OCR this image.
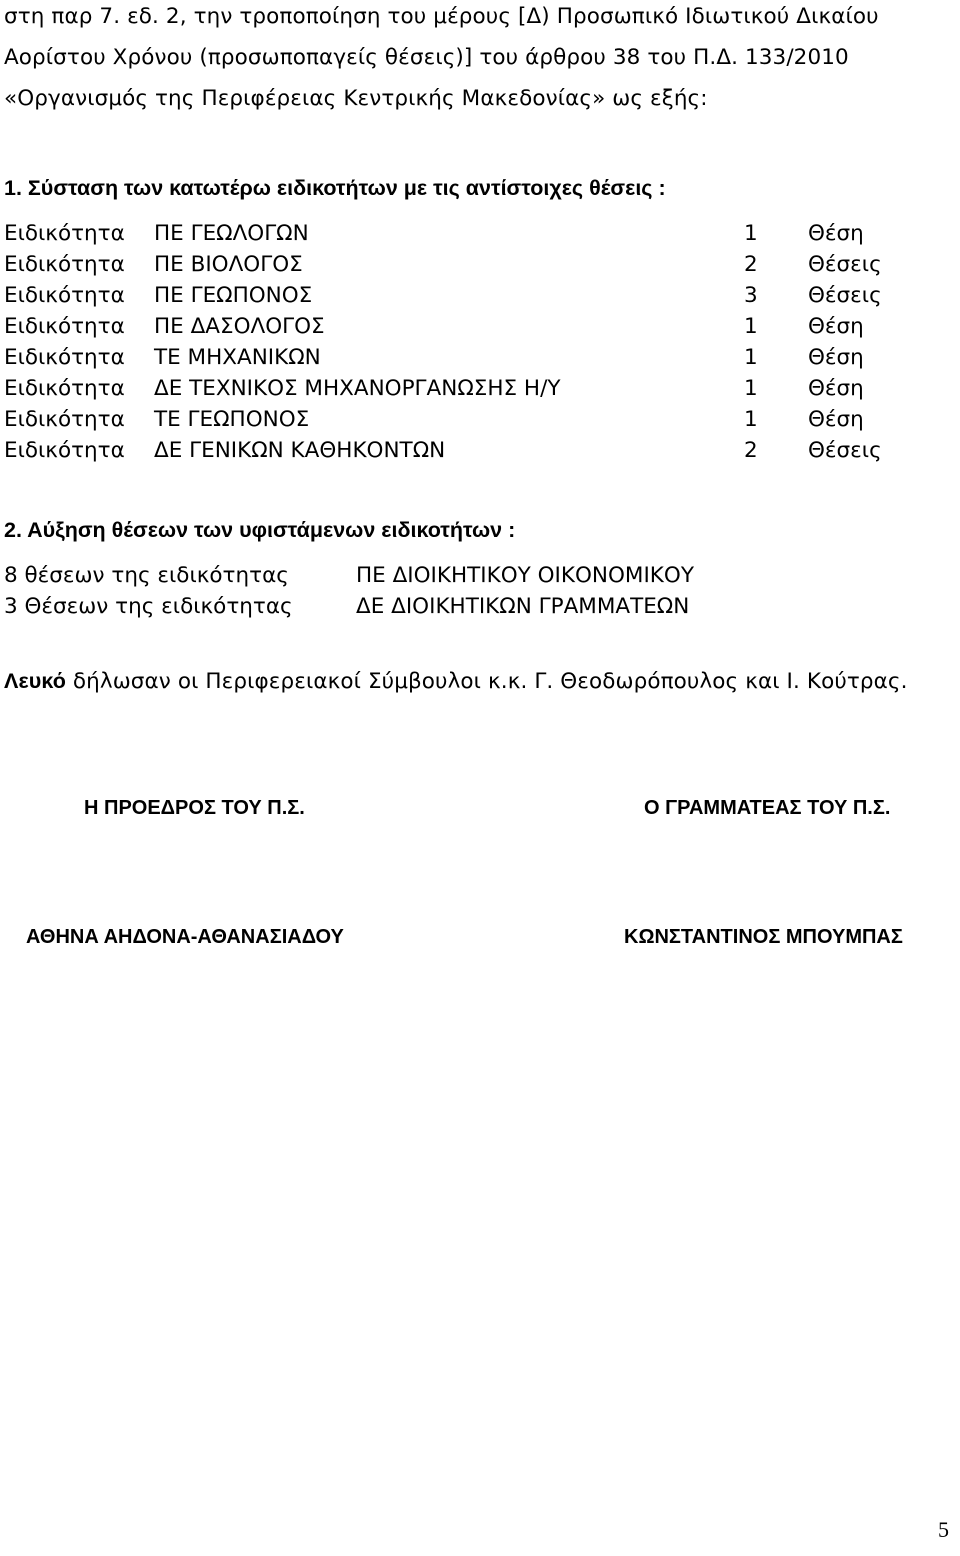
στη παρ 7. εδ. 2, την τροποποίηση του μέρους [Δ) Προσωπικό Ιδιωτικού Δικαίου
Αορίστου Χρόνου (προσωποπαγείς θέσεις)] του άρθρου 38 του Π.Δ. 133/2010
«Οργανισμός της Περιφέρειας Κεντρικής Μακεδονίας» ως εξής:
1. Σύσταση των κατωτέρω ειδικοτήτων με τις αντίστοιχες θέσεις :
Ειδικότητα ΠΕ ΓΕΩΛΟΓΩΝ	1 Θέση
Ειδικότητα ΠΕ ΒΙΟΛΟΓΟΣ	2 Θέσεις
Ειδικότητα ΠΕ ΓΕΩΠΟΝΟΣ	3 Θέσεις
Ειδικότητα ΠΕ ΔΑΣΟΛΟΓΟΣ	1 Θέση
Ειδικότητα ΤΕ ΜΗΧΑΝΙΚΩΝ	1 Θέση
Ειδικότητα ΔΕ ΤΕΧΝΙΚΟΣ ΜΗΧΑΝΟΡΓΑΝΩΣΗΣ Η/Υ	1 Θέση
Ειδικότητα ΤΕ ΓΕΩΠΟΝΟΣ	1 Θέση
Ειδικότητα ΔΕ ΓΕΝΙΚΩΝ ΚΑΘΗΚΟΝΤΩΝ	2 Θέσεις
2. Αύξηση θέσεων των υφιστάμενων ειδικοτήτων :
8 θέσεων της ειδικότητας	ΠΕ ΔΙΟΙΚΗΤΙΚΟΥ ΟΙΚΟΝΟΜΙΚΟΥ
3 Θέσεων της ειδικότητας	ΔΕ ΔΙΟΙΚΗΤΙΚΩΝ ΓΡΑΜΜΑΤΕΩΝ
Λευκό δήλωσαν οι Περιφερειακοί Σύμβουλοι κ.κ. Γ. Θεοδωρόπουλος και Ι. Κούτρας.
Η ΠΡΟΕΔΡΟΣ ΤΟΥ Π.Σ.	Ο ΓΡΑΜΜΑΤΕΑΣ ΤΟΥ Π.Σ.
ΑΘΗΝΑ ΑΗΔΟΝΑ-ΑΘΑΝΑΣΙΑΔΟΥ	ΚΩΝΣΤΑΝΤΙΝΟΣ ΜΠΟΥΜΠΑΣ
5
